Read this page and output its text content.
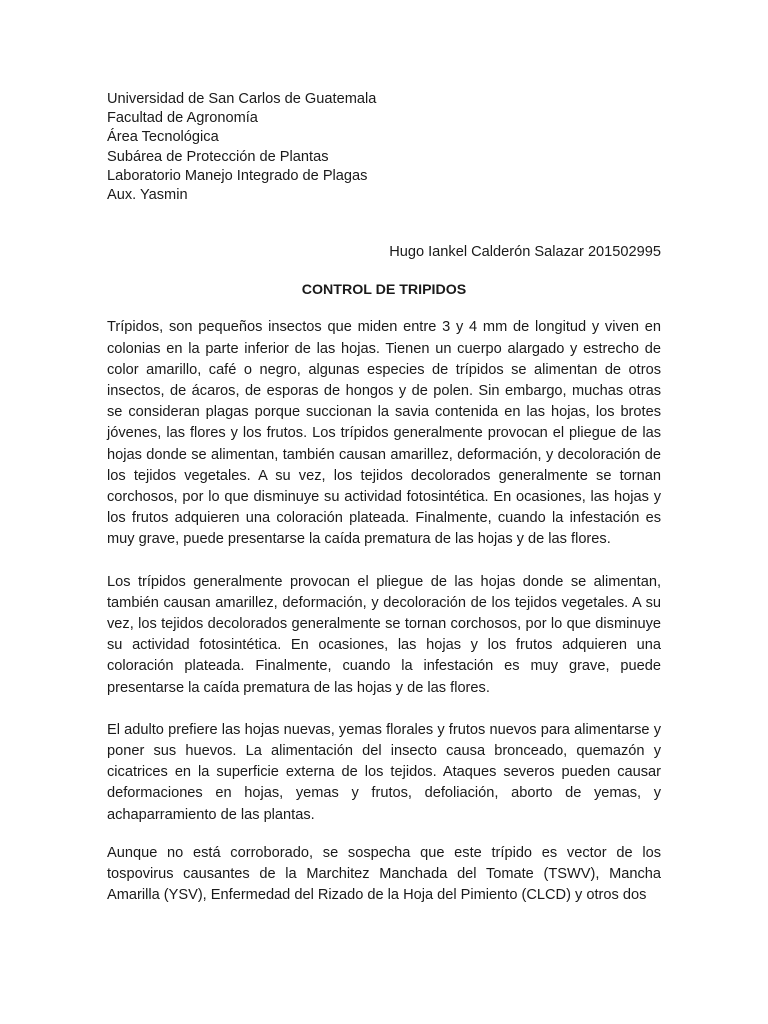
Universidad de San Carlos de Guatemala
Facultad de Agronomía
Área Tecnológica
Subárea de Protección de Plantas
Laboratorio Manejo Integrado de Plagas
Aux. Yasmin
Hugo Iankel Calderón Salazar 201502995
CONTROL DE TRIPIDOS

Trípidos, son pequeños insectos que miden entre 3 y 4 mm de longitud y viven en colonias en la parte inferior de las hojas. Tienen un cuerpo alargado y estrecho de color amarillo, café o negro, algunas especies de trípidos se alimentan de otros insectos, de ácaros, de esporas de hongos y de polen. Sin embargo, muchas otras se consideran plagas porque succionan la savia contenida en las hojas, los brotes jóvenes, las flores y los frutos. Los trípidos generalmente provocan el pliegue de las hojas donde se alimentan, también causan amarillez, deformación, y decoloración de los tejidos vegetales. A su vez, los tejidos decolorados generalmente se tornan corchosos, por lo que disminuye su actividad fotosintética. En ocasiones, las hojas y los frutos adquieren una coloración plateada. Finalmente, cuando la infestación es muy grave, puede presentarse la caída prematura de las hojas y de las flores.

Los trípidos generalmente provocan el pliegue de las hojas donde se alimentan, también causan amarillez, deformación, y decoloración de los tejidos vegetales. A su vez, los tejidos decolorados generalmente se tornan corchosos, por lo que disminuye su actividad fotosintética. En ocasiones, las hojas y los frutos adquieren una coloración plateada. Finalmente, cuando la infestación es muy grave, puede presentarse la caída prematura de las hojas y de las flores.

El adulto prefiere las hojas nuevas, yemas florales y frutos nuevos para alimentarse y poner sus huevos. La alimentación del insecto causa bronceado, quemazón y cicatrices en la superficie externa de los tejidos. Ataques severos pueden causar deformaciones en hojas, yemas y frutos, defoliación, aborto de yemas, y achaparramiento de las plantas.

Aunque no está corroborado, se sospecha que este trípido es vector de los tospovirus causantes de la Marchitez Manchada del Tomate (TSWV), Mancha Amarilla (YSV), Enfermedad del Rizado de la Hoja del Pimiento (CLCD) y otros dos
